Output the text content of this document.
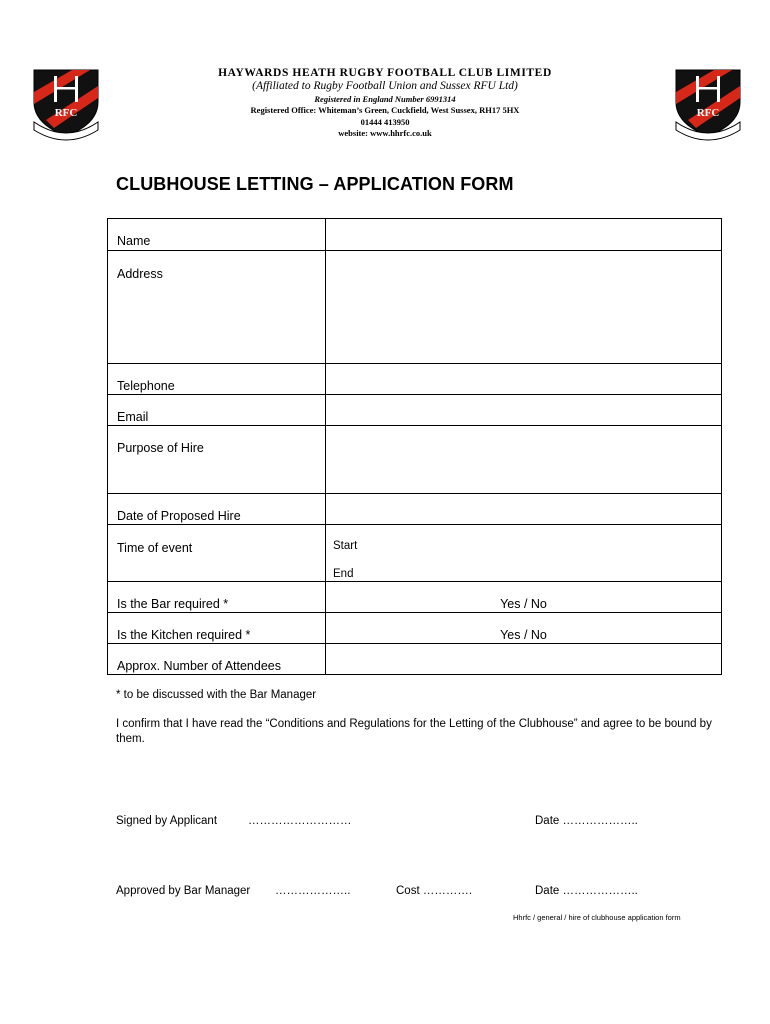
RFC	RFC
HAYWARDS HEATH RUGBY FOOTBALL CLUB LIMITED
(Affiliated to Rugby Football Union and Sussex RFU Ltd)
Registered in England Number 6991314
Registered Office: Whiteman’s Green, Cuckfield, West Sussex, RH17 5HX
01444 413950
website: www.hhrfc.co.uk
CLUBHOUSE LETTING – APPLICATION FORM
Name	

Address	

Telephone	

Email	

Purpose of Hire	

Date of Proposed Hire	

Time of event	Start
End

Is the Bar required *	Yes / No

Is the Kitchen required *	Yes / No

Approx. Number of Attendees	

* to be discussed with the Bar Manager
I confirm that I have read the “Conditions and Regulations for the Letting of the Clubhouse” and agree to be bound by them.
Signed by Applicant	………………………	Date ………………..
Approved by Bar Manager ………………..	Cost ………….	Date ………………..
Hhrfc / general / hire of clubhouse application form
